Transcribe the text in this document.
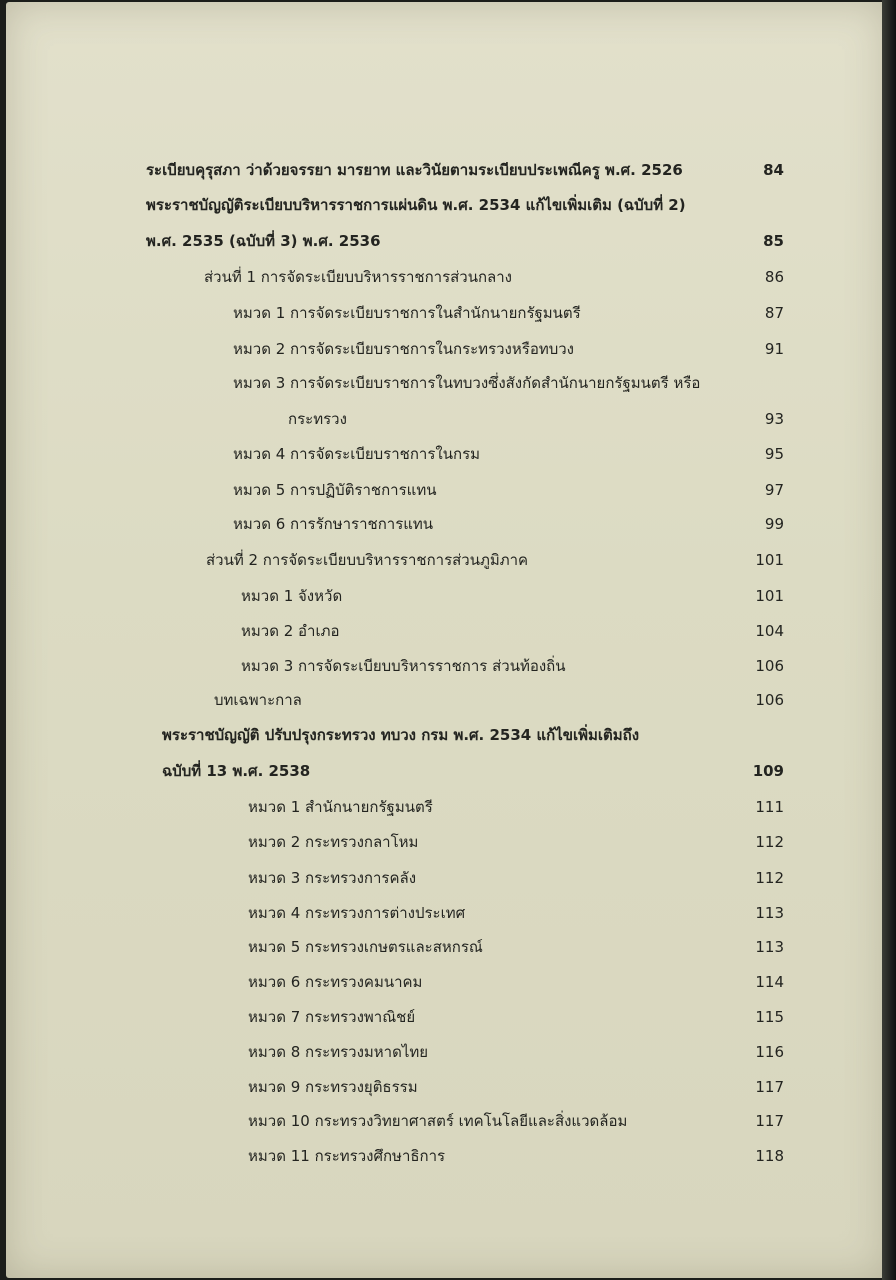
ระเบียบคุรุสภา ว่าด้วยจรรยา มารยาท และวินัยตามระเบียบประเพณีครู พ.ศ. 2526	84
พระราชบัญญัติระเบียบบริหารราชการแผ่นดิน พ.ศ. 2534 แก้ไขเพิ่มเติม (ฉบับที่ 2)
พ.ศ. 2535 (ฉบับที่ 3) พ.ศ. 2536	85
ส่วนที่ 1 การจัดระเบียบบริหารราชการส่วนกลาง	86
หมวด 1 การจัดระเบียบราชการในสำนักนายกรัฐมนตรี	87
หมวด 2 การจัดระเบียบราชการในกระทรวงหรือทบวง	91
หมวด 3 การจัดระเบียบราชการในทบวงซึ่งสังกัดสำนักนายกรัฐมนตรี หรือ
กระทรวง	93
หมวด 4 การจัดระเบียบราชการในกรม	95
หมวด 5 การปฏิบัติราชการแทน	97
หมวด 6 การรักษาราชการแทน	99
ส่วนที่ 2 การจัดระเบียบบริหารราชการส่วนภูมิภาค	101
หมวด 1 จังหวัด	101
หมวด 2 อำเภอ	104
หมวด 3 การจัดระเบียบบริหารราชการ ส่วนท้องถิ่น	106
บทเฉพาะกาล	106
พระราชบัญญัติ ปรับปรุงกระทรวง ทบวง กรม พ.ศ. 2534 แก้ไขเพิ่มเติมถึง
ฉบับที่ 13 พ.ศ. 2538	109
หมวด 1 สำนักนายกรัฐมนตรี	111
หมวด 2 กระทรวงกลาโหม	112
หมวด 3 กระทรวงการคลัง	112
หมวด 4 กระทรวงการต่างประเทศ	113
หมวด 5 กระทรวงเกษตรและสหกรณ์	113
หมวด 6 กระทรวงคมนาคม	114
หมวด 7 กระทรวงพาณิชย์	115
หมวด 8 กระทรวงมหาดไทย	116
หมวด 9 กระทรวงยุติธรรม	117
หมวด 10 กระทรวงวิทยาศาสตร์ เทคโนโลยีและสิ่งแวดล้อม	117
หมวด 11 กระทรวงศึกษาธิการ	118
